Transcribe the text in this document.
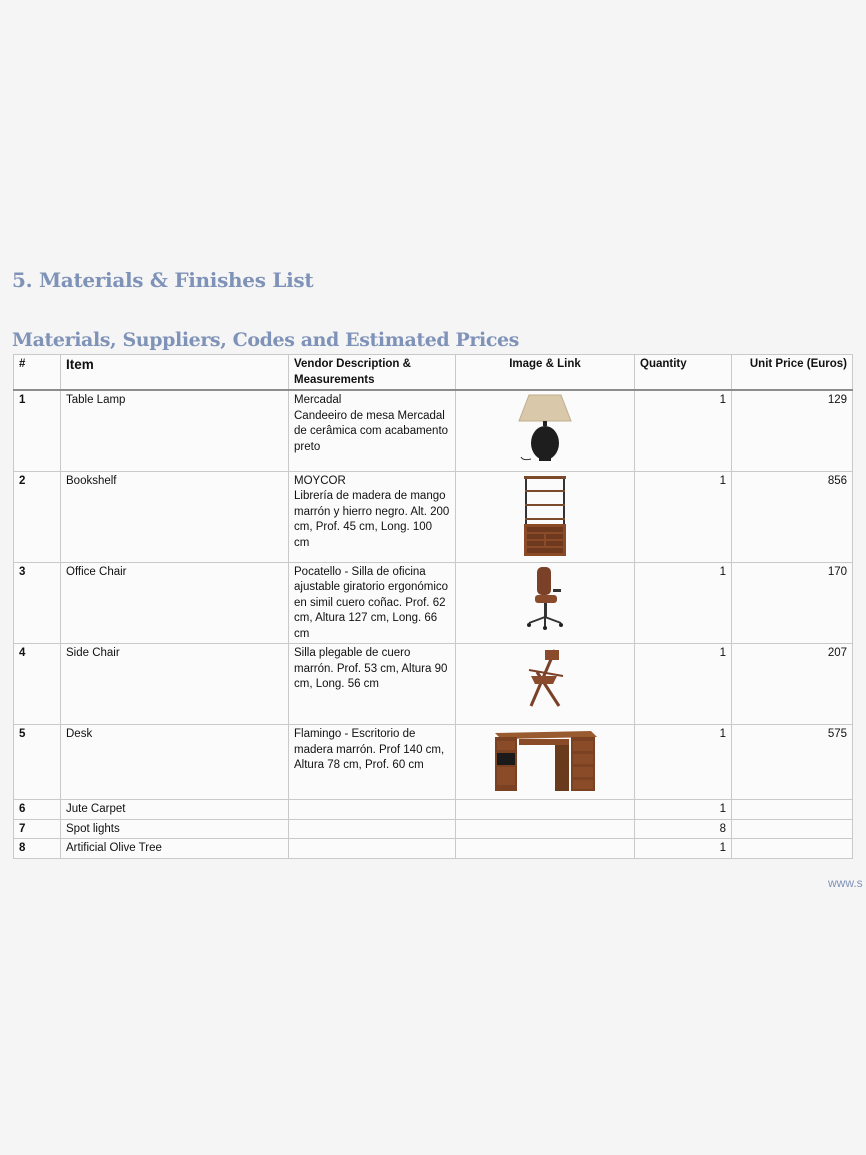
5. Materials & Finishes List
Materials, Suppliers, Codes and Estimated Prices
#	Item	Vendor Description & Measurements	Image & Link	Quantity	Unit Price (Euros)
1	Table Lamp	Mercadal
Candeeiro de mesa Mercadal de cerâmica com acabamento preto		1	129
2	Bookshelf	MOYCOR
Librería de madera de mango marrón y hierro negro. Alt. 200 cm, Prof. 45 cm, Long. 100 cm		1	856
3	Office Chair	Pocatello - Silla de oficina ajustable giratorio ergonómico en simil cuero coñac. Prof. 62 cm, Altura 127 cm, Long. 66 cm		1	170
4	Side Chair	Silla plegable de cuero marrón. Prof. 53 cm, Altura 90 cm, Long. 56 cm		1	207
5	Desk	Flamingo - Escritorio de madera marrón. Prof 140 cm, Altura 78 cm, Prof. 60 cm		1	575
6	Jute Carpet			1	
7	Spot lights			8	
8	Artificial Olive Tree			1	
www.s
